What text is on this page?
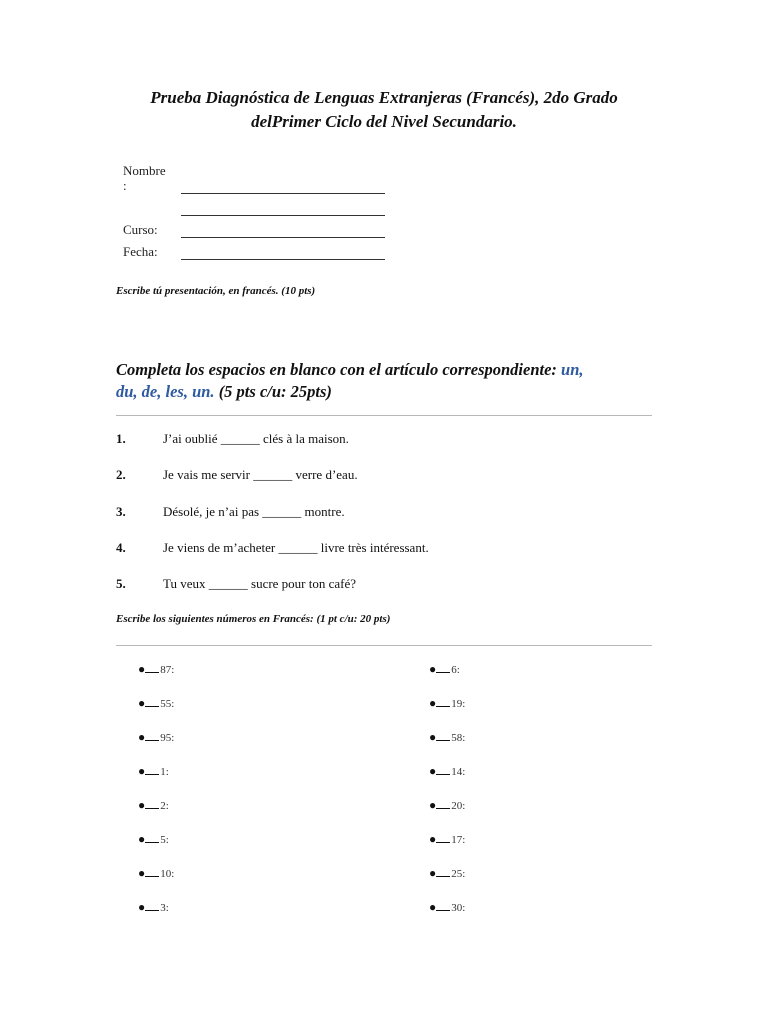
Prueba Diagnóstica de Lenguas Extranjeras (Francés), 2do Grado
delPrimer Ciclo del Nivel Secundario.
Nombre
:
Curso:
Fecha:
Escribe tú presentación, en francés. (10 pts)
Completa los espacios en blanco con el artículo correspondiente: un,
du, de, les, un. (5 pts c/u: 25pts)
1.	J’ai oublié ______ clés à la maison.
2.	Je vais me servir ______ verre d’eau.
3.	Désolé, je n’ai pas ______ montre.
4.	Je viens de m’acheter ______ livre très intéressant.
5.	Tu veux ______ sucre pour ton café?
Escribe los siguientes números en Francés: (1 pt c/u: 20 pts)
● 87:
● 55:
● 95:
● 1:
● 2:
● 5:
● 10:
● 3:
● 6:
● 19:
● 58:
● 14:
● 20:
● 17:
● 25:
● 30:
